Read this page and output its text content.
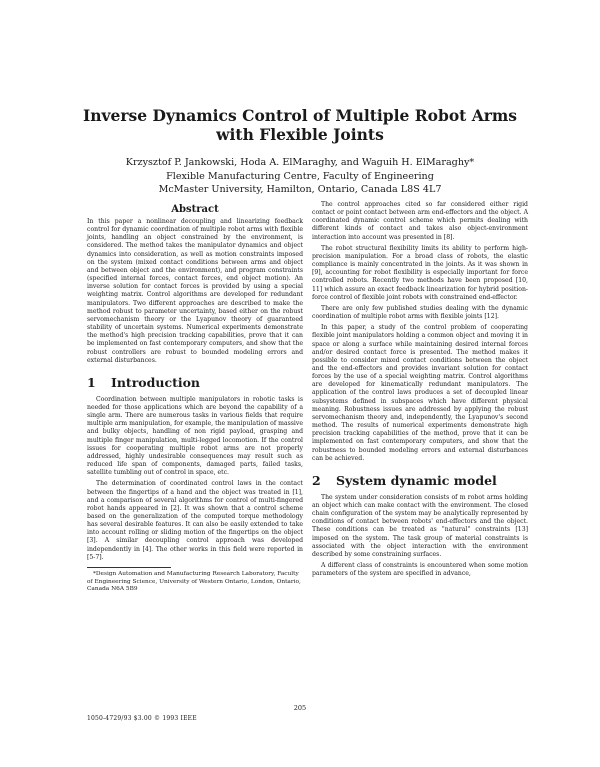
Inverse Dynamics Control of Multiple Robot Arms
with Flexible Joints
Krzysztof P. Jankowski, Hoda A. ElMaraghy, and Waguih H. ElMaraghy*
Flexible Manufacturing Centre, Faculty of Engineering
McMaster University, Hamilton, Ontario, Canada L8S 4L7
Abstract

In this paper a nonlinear decoupling and linearizing feedback control for dynamic coordination of multiple robot arms with flexible joints, handling an object constrained by the environment, is considered. The method takes the manipulator dynamics and object dynamics into consideration, as well as motion constraints imposed on the system (mixed contact conditions between arms and object and between object and the environment), and program constraints (specified internal forces, contact forces, end object motion). An inverse solution for contact forces is provided by using a special weighting matrix. Control algorithms are developed for redundant manipulators. Two different approaches are described to make the method robust to parameter uncertainty, based either on the robust servomechanism theory or the Lyapunov theory of guaranteed stability of uncertain systems. Numerical experiments demonstrate the method's high precision tracking capabilities, prove that it can be implemented on fast contemporary computers, and show that the robust controllers are robust to bounded modeling errors and external disturbances.

1 Introduction

Coordination between multiple manipulators in robotic tasks is needed for those applications which are beyond the capability of a single arm. There are numerous tasks in various fields that require multiple arm manipulation, for example, the manipulation of massive and bulky objects, handling of non rigid payload, grasping and multiple finger manipulation, multi-legged locomotion. If the control issues for cooperating multiple robot arms are not properly addressed, highly undesirable consequences may result such as reduced life span of components, damaged parts, failed tasks, satellite tumbling out of control in space, etc.

The determination of coordinated control laws in the contact between the fingertips of a hand and the object was treated in [1], and a comparison of several algorithms for control of multi-fingered robot hands appeared in [2]. It was shown that a control scheme based on the generalization of the computed torque methodology has several desirable features. It can also be easily extended to take into account rolling or sliding motion of the fingertips on the object [3]. A similar decoupling control approach was developed independently in [4]. The other works in this field were reported in [5-7].

*Design Automation and Manufacturing Research Laboratory, Faculty of Engineering Science, University of Western Ontario, London, Ontario, Canada N6A 5B9

The control approaches cited so far considered either rigid contact or point contact between arm end-effectors and the object. A coordinated dynamic control scheme which permits dealing with different kinds of contact and takes also object-environment interaction into account was presented in [8].

The robot structural flexibility limits its ability to perform high-precision manipulation. For a broad class of robots, the elastic compliance is mainly concentrated in the joints. As it was shown in [9], accounting for robot flexibility is especially important for force controlled robots. Recently two methods have been proposed [10, 11] which assure an exact feedback linearization for hybrid position-force control of flexible joint robots with constrained end-effector.

There are only few published studies dealing with the dynamic coordination of multiple robot arms with flexible joints [12].

In this paper, a study of the control problem of cooperating flexible joint manipulators holding a common object and moving it in space or along a surface while maintaining desired internal forces and/or desired contact force is presented. The method makes it possible to consider mixed contact conditions between the object and the end-effectors and provides invariant solution for contact forces by the use of a special weighting matrix. Control algorithms are developed for kinematically redundant manipulators. The application of the control laws produces a set of decoupled linear subsystems defined in subspaces which have different physical meaning. Robustness issues are addressed by applying the robust servomechanism theory and, independently, the Lyapunov's second method. The results of numerical experiments demonstrate high precision tracking capabilities of the method, prove that it can be implemented on fast contemporary computers, and show that the robustness to bounded modeling errors and external disturbances can be achieved.

2 System dynamic model

The system under consideration consists of m robot arms holding an object which can make contact with the environment. The closed chain configuration of the system may be analytically represented by conditions of contact between robots' end-effectors and the object. These conditions can be treated as "natural" constraints [13] imposed on the system. The task group of material constraints is associated with the object interaction with the environment described by some constraining surfaces.

A different class of constraints is encountered when some motion parameters of the system are specified in advance,

205
1050-4729/93 $3.00 © 1993 IEEE
